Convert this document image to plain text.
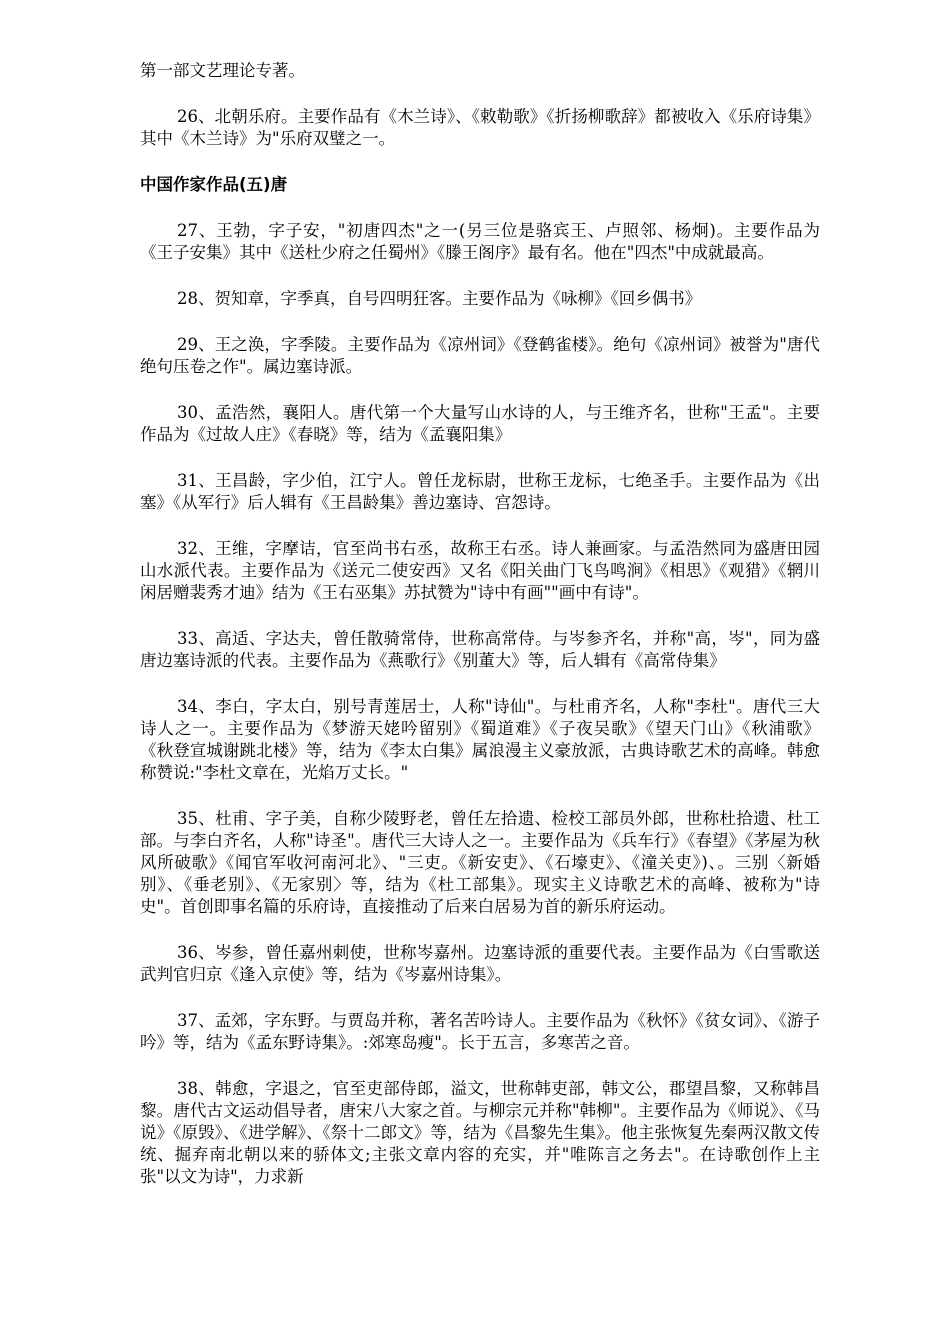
第一部文艺理论专著。

26、北朝乐府。主要作品有《木兰诗》、《敕勒歌》《折扬柳歌辞》都被收入《乐府诗集》其中《木兰诗》为"乐府双璧之一。

中国作家作品(五)唐

27、王勃，字子安，"初唐四杰"之一(另三位是骆宾王、卢照邻、杨炯)。主要作品为《王子安集》其中《送杜少府之任蜀州》《滕王阁序》最有名。他在"四杰"中成就最高。

28、贺知章，字季真，自号四明狂客。主要作品为《咏柳》《回乡偶书》

29、王之涣，字季陵。主要作品为《凉州词》《登鹤雀楼》。绝句《凉州词》被誉为"唐代绝句压卷之作"。属边塞诗派。

30、孟浩然，襄阳人。唐代第一个大量写山水诗的人，与王维齐名，世称"王孟"。主要作品为《过故人庄》《春晓》等，结为《孟襄阳集》

31、王昌龄，字少伯，江宁人。曾任龙标尉，世称王龙标，七绝圣手。主要作品为《出塞》《从军行》后人辑有《王昌龄集》善边塞诗、宫怨诗。

32、王维，字摩诘，官至尚书右丞，故称王右丞。诗人兼画家。与孟浩然同为盛唐田园山水派代表。主要作品为《送元二使安西》又名《阳关曲门飞鸟鸣涧》《相思》《观猎》《辋川闲居赠裴秀才迪》结为《王右巫集》苏拭赞为"诗中有画""画中有诗"。

33、高适、字达夫，曾任散骑常侍，世称高常侍。与岑参齐名，并称"高，岑"，同为盛唐边塞诗派的代表。主要作品为《燕歌行》《别董大》等，后人辑有《高常侍集》

34、李白，字太白，别号青莲居士，人称"诗仙"。与杜甫齐名，人称"李杜"。唐代三大诗人之一。主要作品为《梦游天姥吟留别》《蜀道难》《子夜吴歌》《望天门山》《秋浦歌》 《秋登宣城谢跳北楼》等，结为《李太白集》属浪漫主义豪放派，古典诗歌艺术的高峰。韩愈称赞说:"李杜文章在，光焰万丈长。"

35、杜甫、字子美，自称少陵野老，曾任左拾遗、检校工部员外郎，世称杜拾遗、杜工部。与李白齐名，人称"诗圣"。唐代三大诗人之一。主要作品为《兵车行》《春望》《茅屋为秋风所破歌》《闻官军收河南河北》、"三吏。《新安吏》、《石壕吏》、《潼关吏》)、。三别〈新婚别》、《垂老别》、《无家别〉等，结为《杜工部集》。现实主义诗歌艺术的高峰、被称为"诗史"。首创即事名篇的乐府诗，直接推动了后来白居易为首的新乐府运动。

36、岑参，曾任嘉州刺使，世称岑嘉州。边塞诗派的重要代表。主要作品为《白雪歌送武判官归京《逢入京使》等，结为《岑嘉州诗集》。

37、孟郊，字东野。与贾岛并称，著名苦吟诗人。主要作品为《秋怀》《贫女词》、《游子吟》等，结为《孟东野诗集》。:郊寒岛瘦"。长于五言，多寒苦之音。

38、韩愈，字退之，官至吏部侍郎，溢文，世称韩吏部，韩文公，郡望昌黎，又称韩昌黎。唐代古文运动倡导者，唐宋八大家之首。与柳宗元并称"韩柳"。主要作品为《师说》、《马说》《原毁》、《进学解》、《祭十二郎文》等，结为《昌黎先生集》。他主张恢复先秦两汉散文传统、掘弃南北朝以来的骄体文;主张文章内容的充实，并"唯陈言之务去"。在诗歌创作上主张"以文为诗"，力求新
